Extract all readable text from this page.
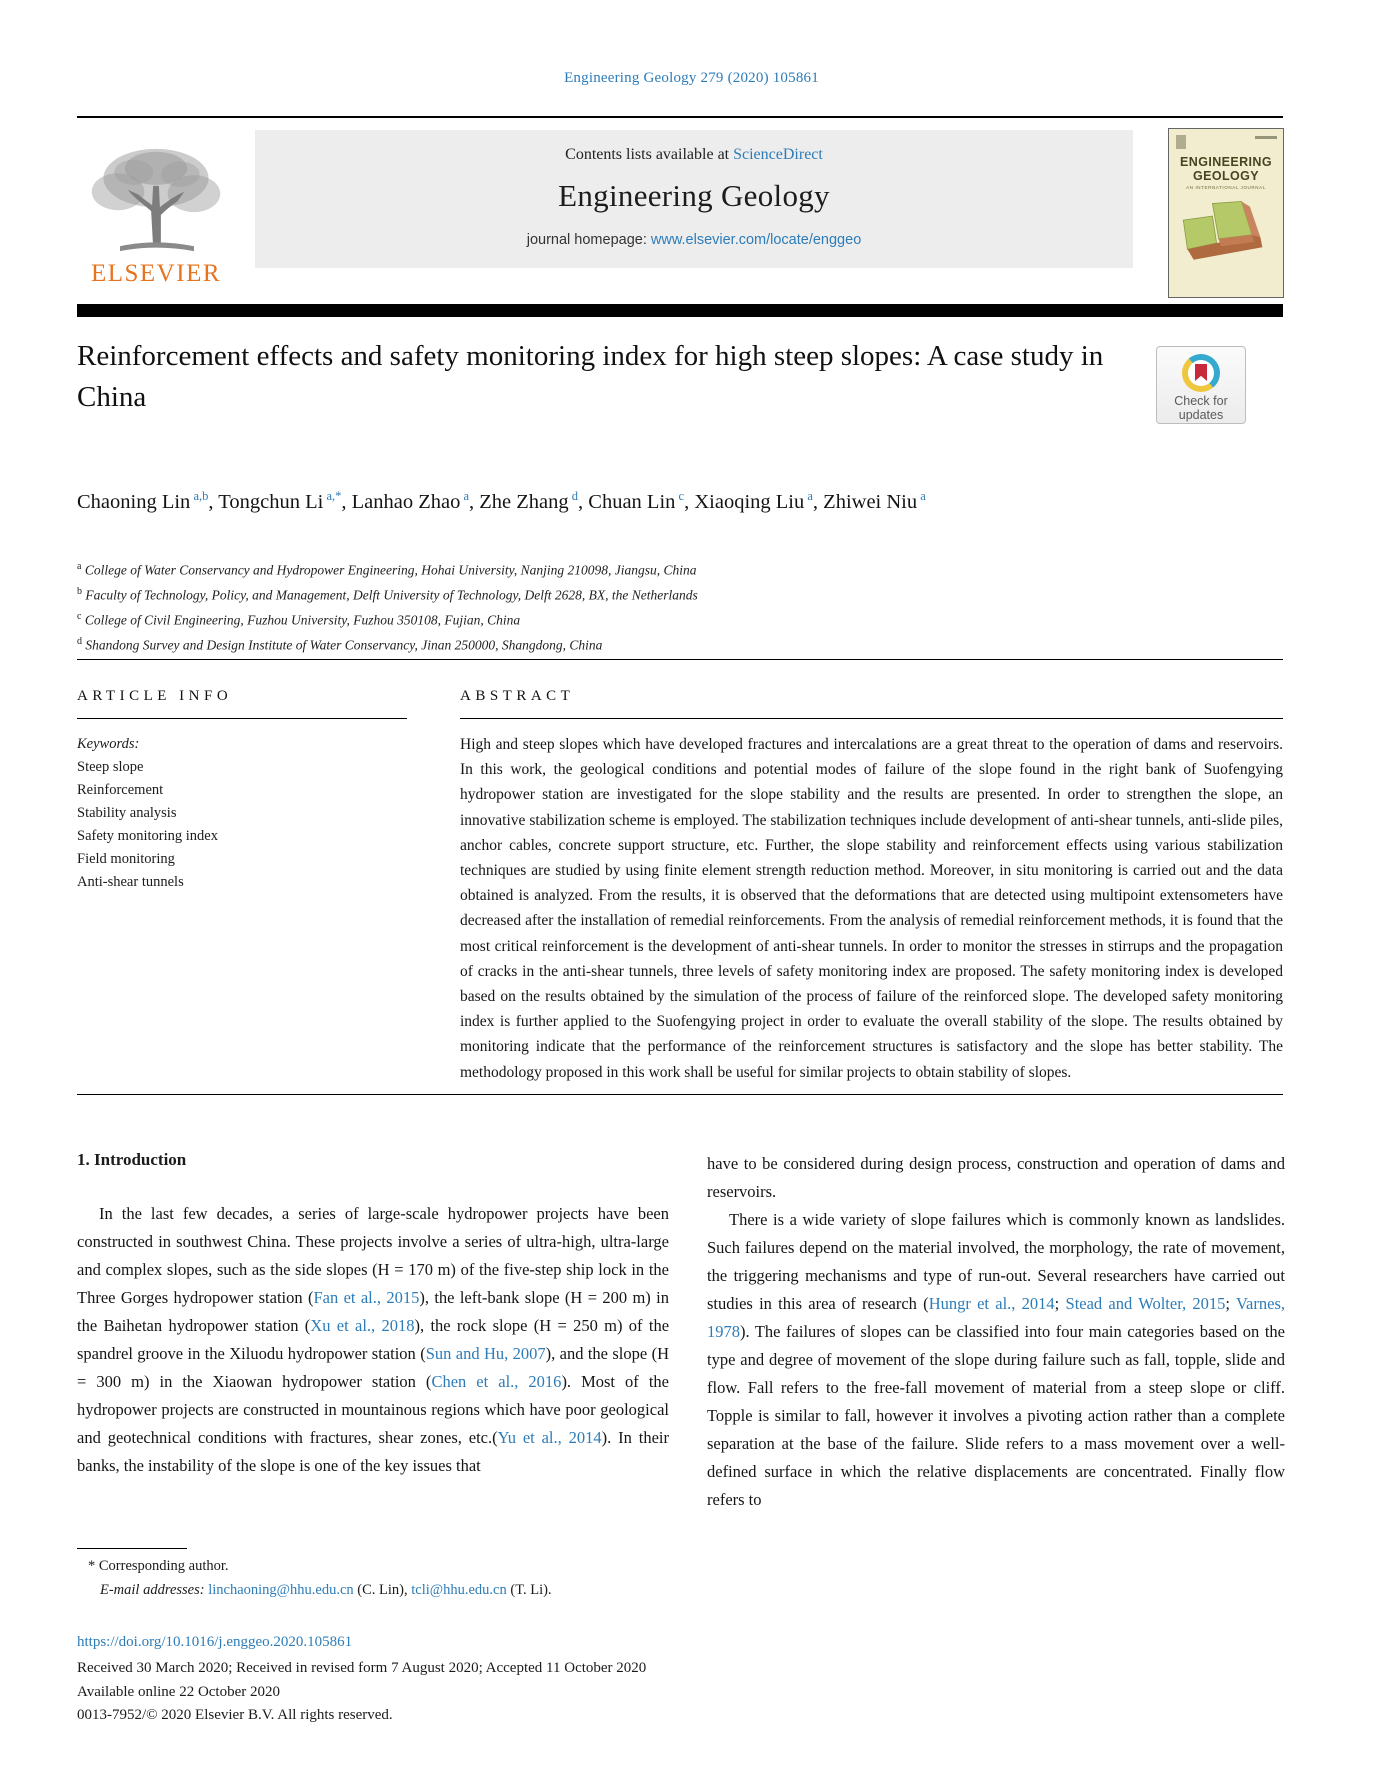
Engineering Geology 279 (2020) 105861
ELSEVIER
Contents lists available at ScienceDirect
Engineering Geology
journal homepage: www.elsevier.com/locate/enggeo
ENGINEERING
GEOLOGY
AN INTERNATIONAL JOURNAL
Reinforcement effects and safety monitoring index for high steep slopes: A case study in China	Check for
updates
Chaoning Lin $^{a,b}$, Tongchun Li $^{a,*}$, Lanhao Zhao $^a$, Zhe Zhang $^d$, Chuan Lin $^c$, Xiaoqing Liu $^a$, Zhiwei Niu $^a$
$^a$ College of Water Conservancy and Hydropower Engineering, Hohai University, Nanjing 210098, Jiangsu, China
$^b$ Faculty of Technology, Policy, and Management, Delft University of Technology, Delft 2628, BX, the Netherlands
$^c$ College of Civil Engineering, Fuzhou University, Fuzhou 350108, Fujian, China
$^d$ Shandong Survey and Design Institute of Water Conservancy, Jinan 250000, Shangdong, China
ARTICLE INFO
Keywords:
Steep slope
Reinforcement
Stability analysis
Safety monitoring index
Field monitoring
Anti-shear tunnels
ABSTRACT

High and steep slopes which have developed fractures and intercalations are a great threat to the operation of dams and reservoirs. In this work, the geological conditions and potential modes of failure of the slope found in the right bank of Suofengying hydropower station are investigated for the slope stability and the results are presented. In order to strengthen the slope, an innovative stabilization scheme is employed. The stabilization techniques include development of anti-shear tunnels, anti-slide piles, anchor cables, concrete support structure, etc. Further, the slope stability and reinforcement effects using various stabilization techniques are studied by using finite element strength reduction method. Moreover, in situ monitoring is carried out and the data obtained is analyzed. From the results, it is observed that the deformations that are detected using multipoint extensometers have decreased after the installation of remedial reinforcements. From the analysis of remedial reinforcement methods, it is found that the most critical reinforcement is the development of anti-shear tunnels. In order to monitor the stresses in stirrups and the propagation of cracks in the anti-shear tunnels, three levels of safety monitoring index are proposed. The safety monitoring index is developed based on the results obtained by the simulation of the process of failure of the reinforced slope. The developed safety monitoring index is further applied to the Suofengying project in order to evaluate the overall stability of the slope. The results obtained by monitoring indicate that the performance of the reinforcement structures is satisfactory and the slope has better stability. The methodology proposed in this work shall be useful for similar projects to obtain stability of slopes.

1. Introduction

In the last few decades, a series of large-scale hydropower projects have been constructed in southwest China. These projects involve a series of ultra-high, ultra-large and complex slopes, such as the side slopes (H = 170 m) of the five-step ship lock in the Three Gorges hydropower station (Fan et al., 2015), the left-bank slope (H = 200 m) in the Baihetan hydropower station (Xu et al., 2018), the rock slope (H = 250 m) of the spandrel groove in the Xiluodu hydropower station (Sun and Hu, 2007), and the slope (H = 300 m) in the Xiaowan hydropower station (Chen et al., 2016). Most of the hydropower projects are constructed in mountainous regions which have poor geological and geotechnical conditions with fractures, shear zones, etc.(Yu et al., 2014). In their banks, the instability of the slope is one of the key issues that

have to be considered during design process, construction and operation of dams and reservoirs.

There is a wide variety of slope failures which is commonly known as landslides. Such failures depend on the material involved, the morphology, the rate of movement, the triggering mechanisms and type of run-out. Several researchers have carried out studies in this area of research (Hungr et al., 2014; Stead and Wolter, 2015; Varnes, 1978). The failures of slopes can be classified into four main categories based on the type and degree of movement of the slope during failure such as fall, topple, slide and flow. Fall refers to the free-fall movement of material from a steep slope or cliff. Topple is similar to fall, however it involves a pivoting action rather than a complete separation at the base of the failure. Slide refers to a mass movement over a well-defined surface in which the relative displacements are concentrated. Finally flow refers to

* Corresponding author.
E-mail addresses: linchaoning@hhu.edu.cn (C. Lin), tcli@hhu.edu.cn (T. Li).
https://doi.org/10.1016/j.enggeo.2020.105861
Received 30 March 2020; Received in revised form 7 August 2020; Accepted 11 October 2020
Available online 22 October 2020
0013-7952/© 2020 Elsevier B.V. All rights reserved.
